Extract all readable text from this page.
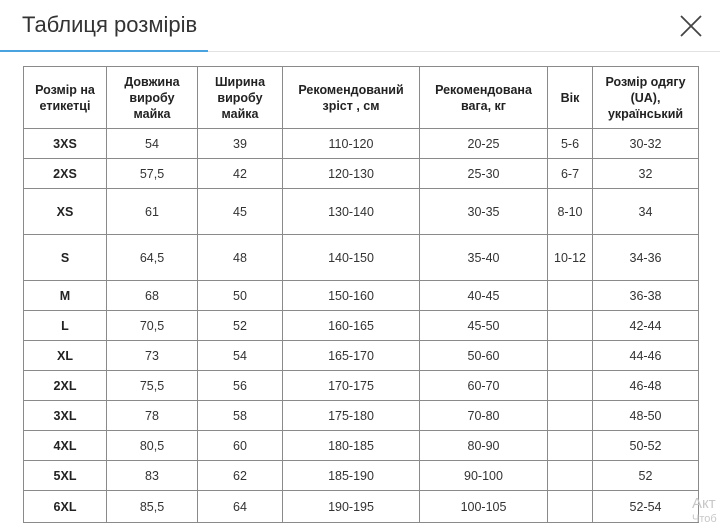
Таблиця розмірів
Розмір на етикетці	Довжина виробу майка	Ширина виробу майка	Рекомендований зріст , см	Рекомендована вага, кг	Вік	Розмір одягу (UA), український
3XS	54	39	110-120	20-25	5-6	30-32
2XS	57,5	42	120-130	25-30	6-7	32
XS	61	45	130-140	30-35	8-10	34
S	64,5	48	140-150	35-40	10-12	34-36
M	68	50	150-160	40-45		36-38
L	70,5	52	160-165	45-50		42-44
XL	73	54	165-170	50-60		44-46
2XL	75,5	56	170-175	60-70		46-48
3XL	78	58	175-180	70-80		48-50
4XL	80,5	60	180-185	80-90		50-52
5XL	83	62	185-190	90-100		52
6XL	85,5	64	190-195	100-105		52-54 Акт
Чтоб
